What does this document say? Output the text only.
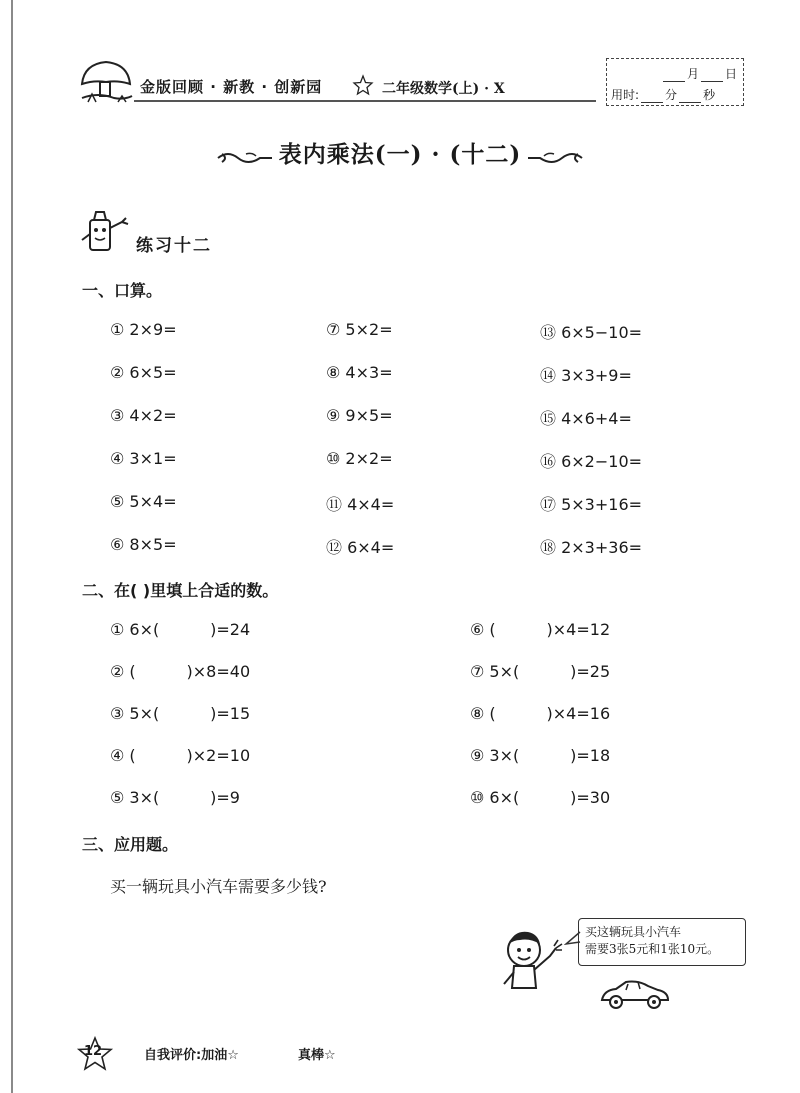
金版回顾 · 新教 · 创新园	二年级数学(上) · X
月 日
用时: 分 秒
表内乘法(一) · (十二)
练习十二
一、口算。
① 2×9=
② 6×5=
③ 4×2=
④ 3×1=
⑤ 5×4=
⑥ 8×5=
⑦ 5×2=
⑧ 4×3=
⑨ 9×5=
⑩ 2×2=
⑪ 4×4=
⑫ 6×4=
⑬ 6×5−10=
⑭ 3×3+9=
⑮ 4×6+4=
⑯ 6×2−10=
⑰ 5×3+16=
⑱ 2×3+36=
二、在( )里填上合适的数。
① 6×(          )=24
② (          )×8=40
③ 5×(          )=15
④ (          )×2=10
⑤ 3×(          )=9
⑥ (          )×4=12
⑦ 5×(          )=25
⑧ (          )×4=16
⑨ 3×(          )=18
⑩ 6×(          )=30
三、应用题。
买一辆玩具小汽车需要多少钱?
买这辆玩具小汽车
需要3张5元和1张10元。
12	自我评价:加油☆	真棒☆
